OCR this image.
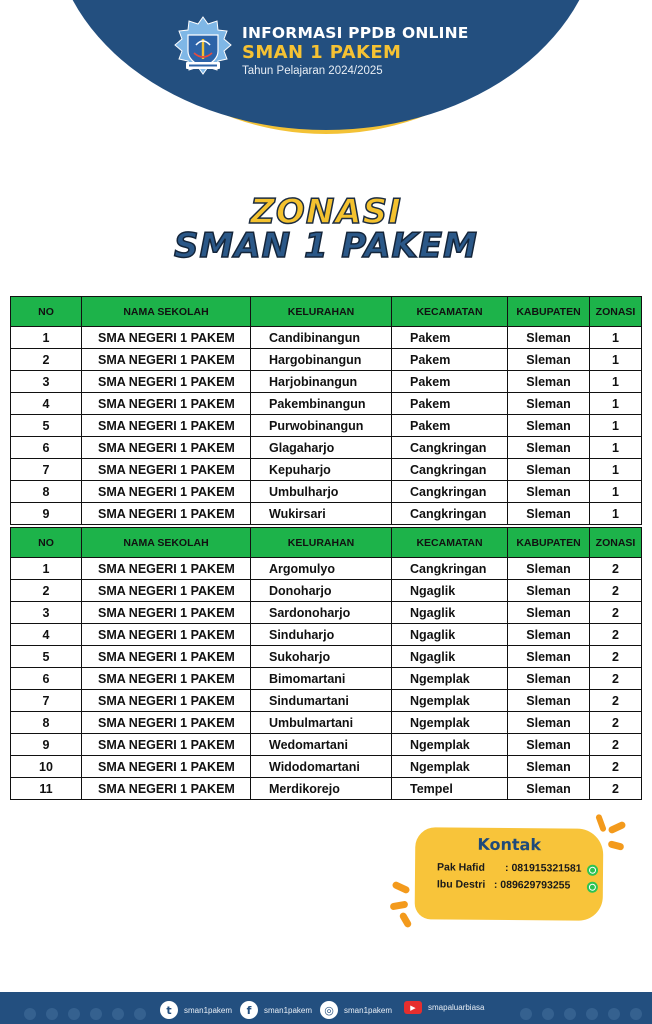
INFORMASI PPDB ONLINE
SMAN 1 PAKEM
Tahun Pelajaran 2024/2025
ZONASI
SMAN 1 PAKEM
NO	NAMA SEKOLAH	KELURAHAN	KECAMATAN	KABUPATEN	ZONASI
1	SMA NEGERI 1 PAKEM	Candibinangun	Pakem	Sleman	1
2	SMA NEGERI 1 PAKEM	Hargobinangun	Pakem	Sleman	1
3	SMA NEGERI 1 PAKEM	Harjobinangun	Pakem	Sleman	1
4	SMA NEGERI 1 PAKEM	Pakembinangun	Pakem	Sleman	1
5	SMA NEGERI 1 PAKEM	Purwobinangun	Pakem	Sleman	1
6	SMA NEGERI 1 PAKEM	Glagaharjo	Cangkringan	Sleman	1
7	SMA NEGERI 1 PAKEM	Kepuharjo	Cangkringan	Sleman	1
8	SMA NEGERI 1 PAKEM	Umbulharjo	Cangkringan	Sleman	1
9	SMA NEGERI 1 PAKEM	Wukirsari	Cangkringan	Sleman	1
NO	NAMA SEKOLAH	KELURAHAN	KECAMATAN	KABUPATEN	ZONASI
1	SMA NEGERI 1 PAKEM	Argomulyo	Cangkringan	Sleman	2
2	SMA NEGERI 1 PAKEM	Donoharjo	Ngaglik	Sleman	2
3	SMA NEGERI 1 PAKEM	Sardonoharjo	Ngaglik	Sleman	2
4	SMA NEGERI 1 PAKEM	Sinduharjo	Ngaglik	Sleman	2
5	SMA NEGERI 1 PAKEM	Sukoharjo	Ngaglik	Sleman	2
6	SMA NEGERI 1 PAKEM	Bimomartani	Ngemplak	Sleman	2
7	SMA NEGERI 1 PAKEM	Sindumartani	Ngemplak	Sleman	2
8	SMA NEGERI 1 PAKEM	Umbulmartani	Ngemplak	Sleman	2
9	SMA NEGERI 1 PAKEM	Wedomartani	Ngemplak	Sleman	2
10	SMA NEGERI 1 PAKEM	Widodomartani	Ngemplak	Sleman	2
11	SMA NEGERI 1 PAKEM	Merdikorejo	Tempel	Sleman	2
Kontak
Pak Hafid : 081915321581
Ibu Destri : 089629793255
t	sman1pakem	f	sman1pakem	◎	sman1pakem	▶	smapaluarbiasa
